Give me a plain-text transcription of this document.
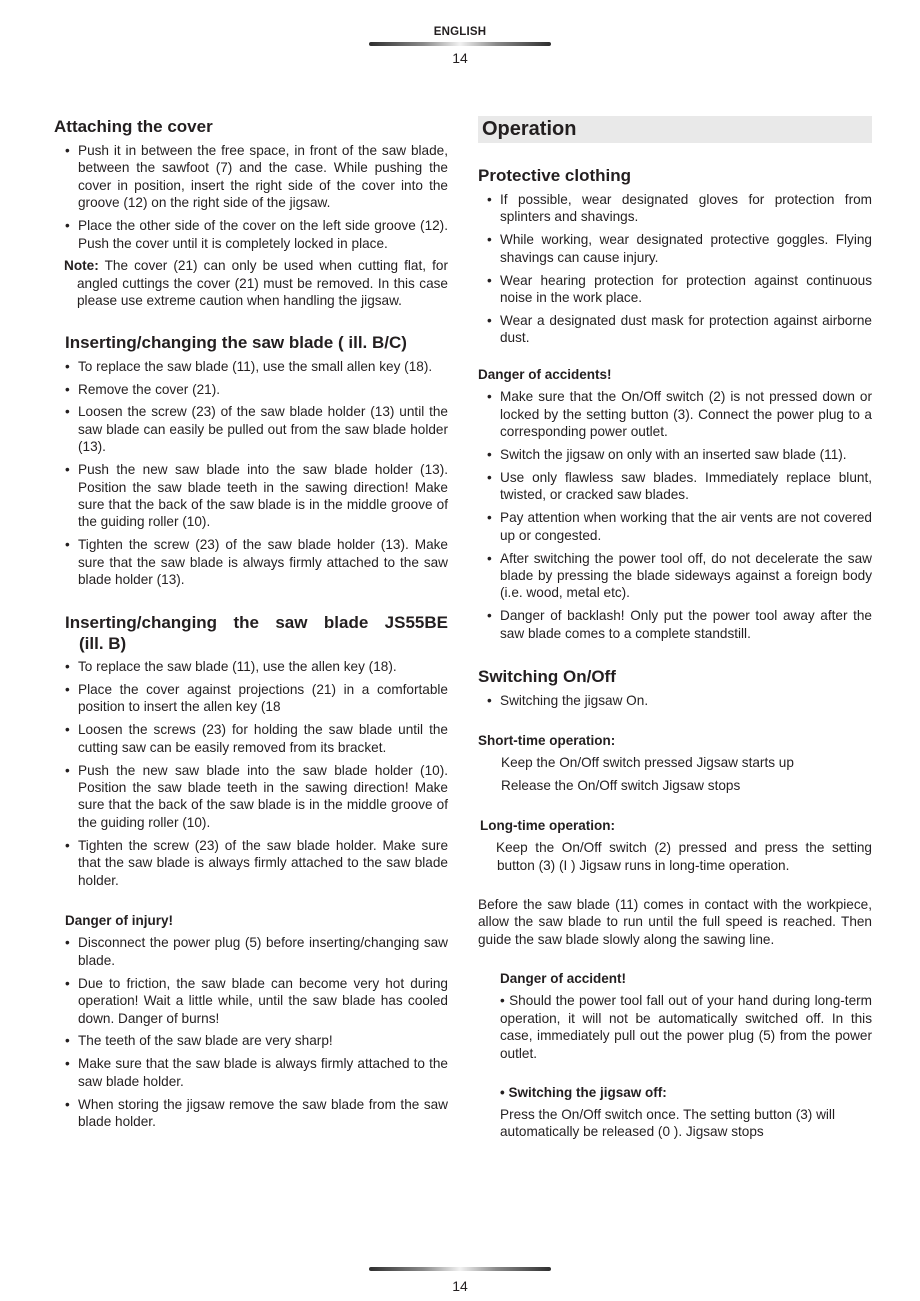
ENGLISH
14
Attaching the cover
• Push it in between the free space, in front of the saw blade, between the sawfoot (7) and the case. While pushing the cover in position, insert the right side of the cover into the groove (12) on the right side of the jigsaw.
• Place the other side of the cover on the left side groove (12). Push the cover until it is completely locked in place.
Note: The cover (21) can only be used when cutting flat, for angled cuttings the cover (21) must be removed. In this case please use extreme caution when handling the jigsaw.
Inserting/changing the saw blade ( ill. B/C)
• To replace the saw blade (11), use the small allen key (18).
• Remove the cover (21).
• Loosen the screw (23) of the saw blade holder (13) until the saw blade can easily be pulled out from the saw blade holder (13).
• Push the new saw blade into the saw blade holder (13). Position the saw blade teeth in the sawing direction! Make sure that the back of the saw blade is in the middle groove of the guiding roller (10).
• Tighten the screw (23) of the saw blade holder (13). Make sure that the saw blade is always firmly attached to the saw blade holder (13).
Inserting/changing the saw blade JS55BE
(ill. B)
• To replace the saw blade (11), use the allen key (18).
• Place the cover against projections (21) in a comfortable position to insert the allen key (18
• Loosen the screws (23) for holding the saw blade until the cutting saw can be easily removed from its bracket.
• Push the new saw blade into the saw blade holder (10). Position the saw blade teeth in the sawing direction! Make sure that the back of the saw blade is in the middle groove of the guiding roller (10).
• Tighten the screw (23) of the saw blade holder. Make sure that the saw blade is always firmly attached to the saw blade holder.
Danger of injury!
• Disconnect the power plug (5) before inserting/changing saw blade.
• Due to friction, the saw blade can become very hot during operation! Wait a little while, until the saw blade has cooled down. Danger of burns!
• The teeth of the saw blade are very sharp!
• Make sure that the saw blade is always firmly attached to the saw blade holder.
• When storing the jigsaw remove the saw blade from the saw blade holder.
Operation
Protective clothing
• If possible, wear designated gloves for protection from splinters and shavings.
• While working, wear designated protective goggles. Flying shavings can cause injury.
• Wear hearing protection for protection against continuous noise in the work place.
• Wear a designated dust mask for protection against airborne dust.
Danger of accidents!
• Make sure that the On/Off switch (2) is not pressed down or locked by the setting button (3). Connect the power plug to a corresponding power outlet.
• Switch the jigsaw on only with an inserted saw blade (11).
• Use only flawless saw blades. Immediately replace blunt, twisted, or cracked saw blades.
• Pay attention when working that the air vents are not covered up or congested.
• After switching the power tool off, do not decelerate the saw blade by pressing the blade sideways against a foreign body (i.e. wood, metal etc).
• Danger of backlash! Only put the power tool away after the saw blade comes to a complete standstill.
Switching On/Off
• Switching the jigsaw On.
Short-time operation:

Keep the On/Off switch pressed Jigsaw starts up

Release the On/Off switch Jigsaw stops

Long-time operation:

Keep the On/Off switch (2) pressed and press the setting button (3) (I ) Jigsaw runs in long-time operation.

Before the saw blade (11) comes in contact with the workpiece, allow the saw blade to run until the full speed is reached. Then guide the saw blade slowly along the sawing line.

Danger of accident!

• Should the power tool fall out of your hand during long-term operation, it will not be automatically switched off. In this case, immediately pull out the power plug (5) from the power outlet.

• Switching the jigsaw off:

Press the On/Off switch once. The setting button (3) will automatically be released (0 ). Jigsaw stops

14
